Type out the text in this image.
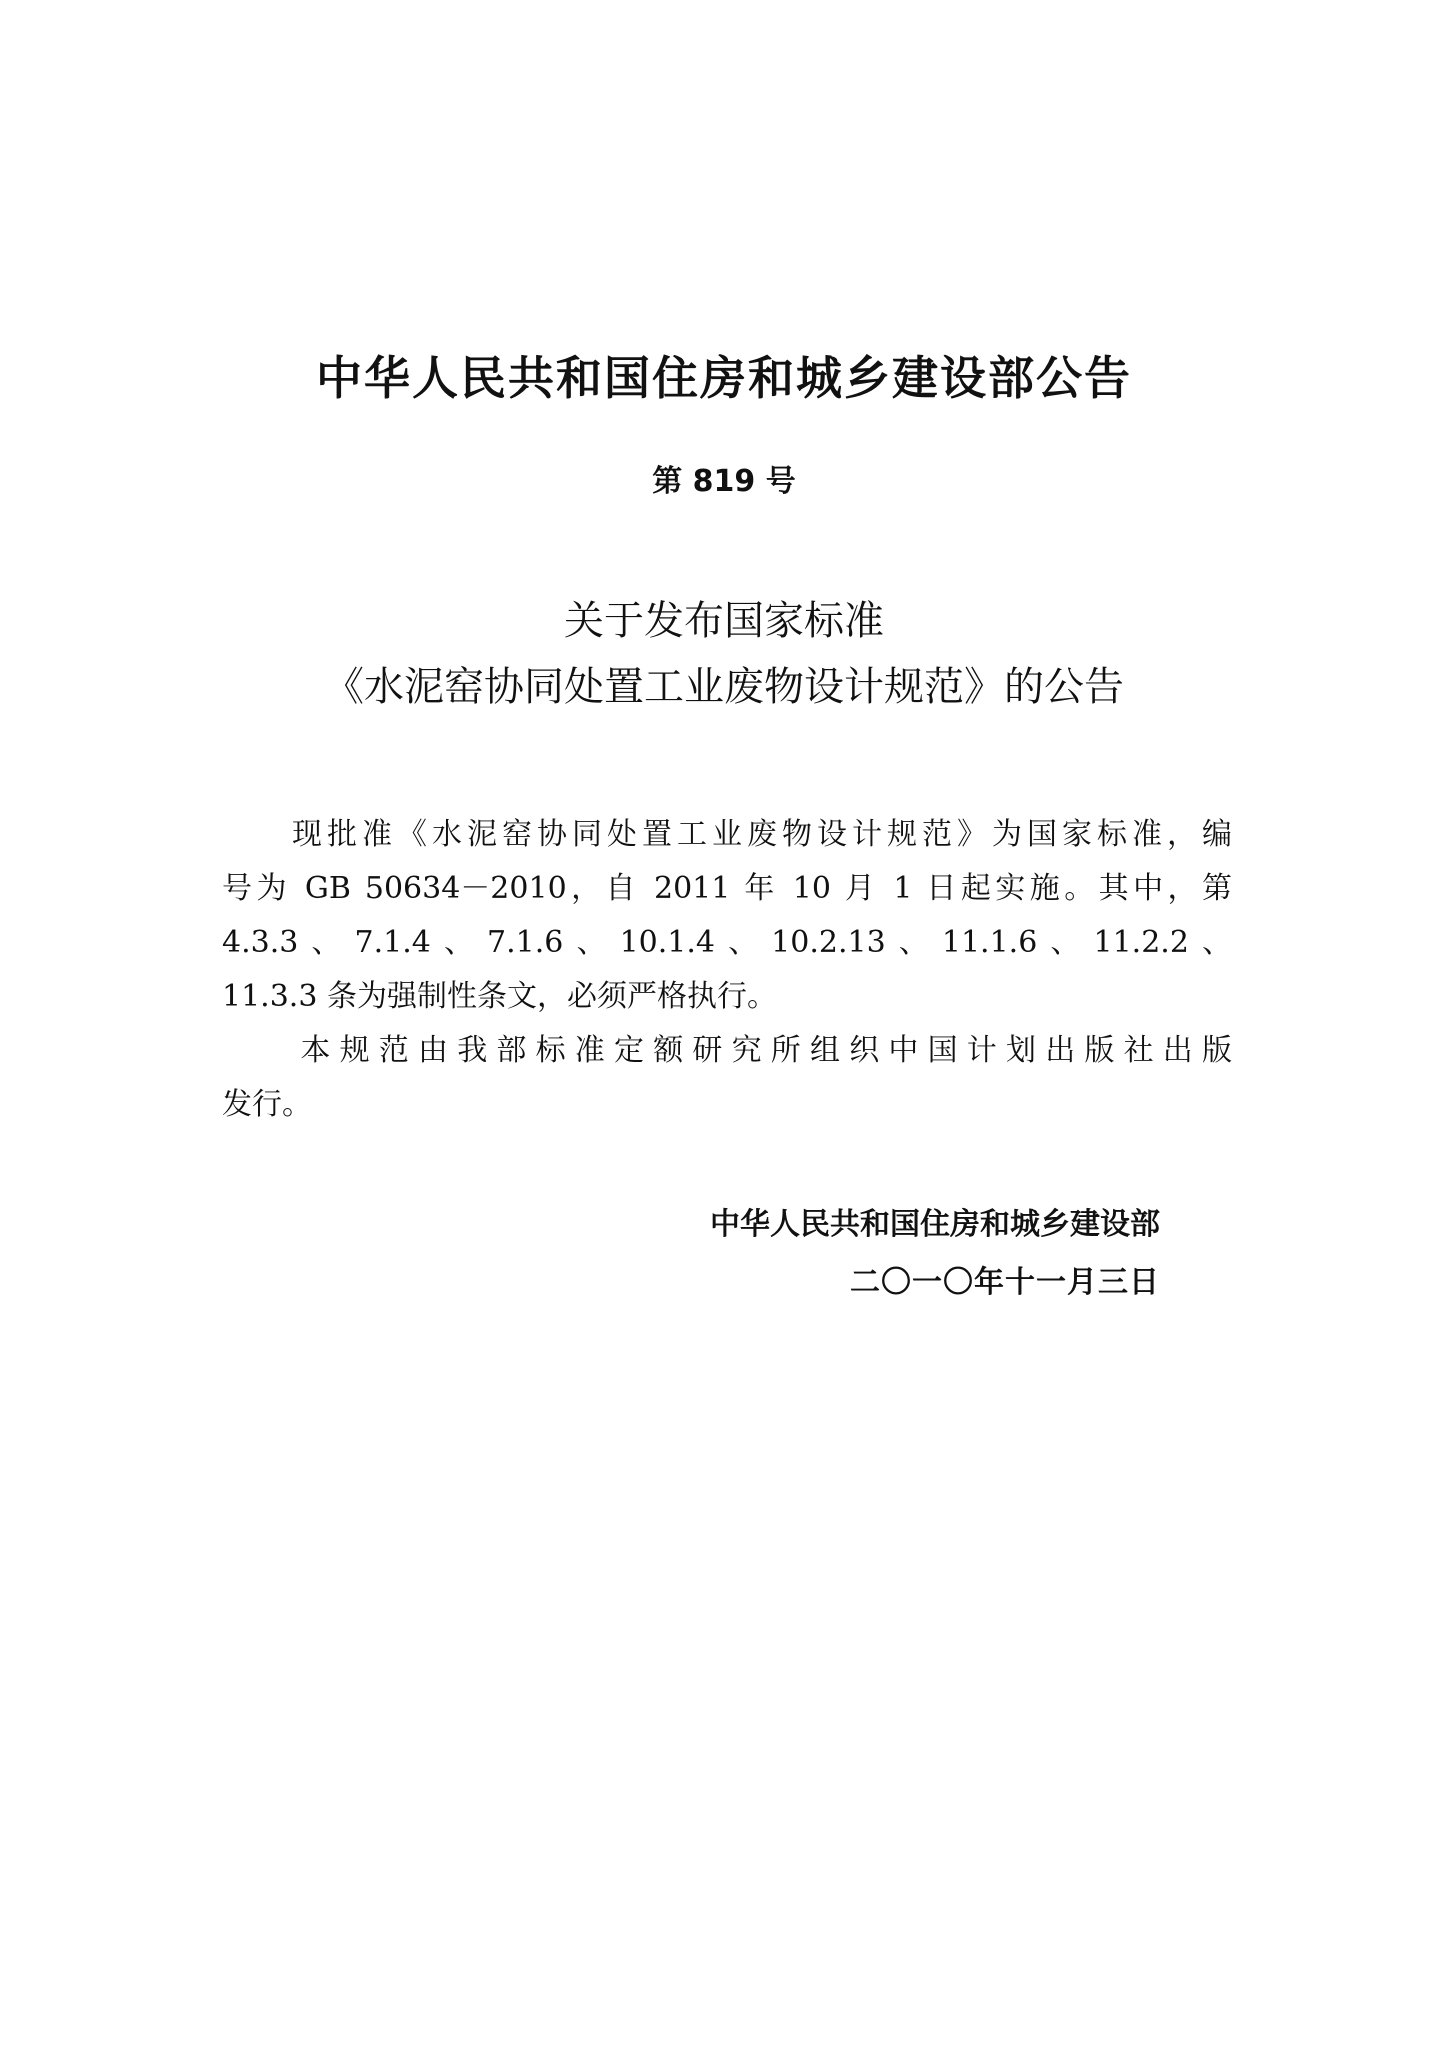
中华人民共和国住房和城乡建设部公告
第 819 号
关于发布国家标准
《水泥窑协同处置工业废物设计规范》的公告
　　现批准《水泥窑协同处置工业废物设计规范》为国家标准，编
号为 GB 50634－2010，自 2011 年 10 月 1 日起实施。其中，第
4.3.3、7.1.4、7.1.6、10.1.4、10.2.13、11.1.6、11.2.2、
11.3.3 条为强制性条文，必须严格执行。
　　本规范由我部标准定额研究所组织中国计划出版社出版
发行。
中华人民共和国住房和城乡建设部
二〇一〇年十一月三日
